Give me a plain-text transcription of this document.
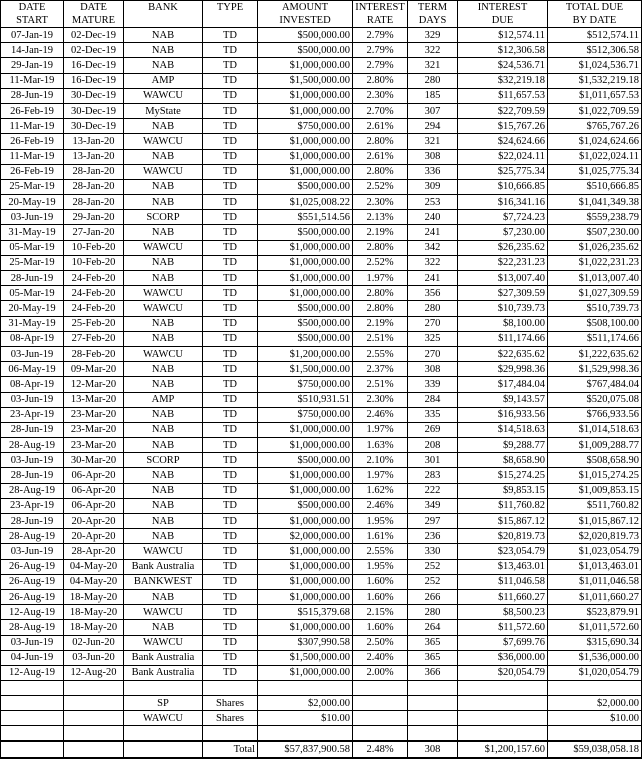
DATE	DATE	BANK	TYPE	AMOUNT	INTEREST	TERM	INTEREST	TOTAL DUE
START	MATURE			INVESTED	RATE	DAYS	DUE	BY DATE
07-Jan-19	02-Dec-19	NAB	TD	$500,000.00	2.79%	329	$12,574.11	$512,574.11
14-Jan-19	02-Dec-19	NAB	TD	$500,000.00	2.79%	322	$12,306.58	$512,306.58
29-Jan-19	16-Dec-19	NAB	TD	$1,000,000.00	2.79%	321	$24,536.71	$1,024,536.71
11-Mar-19	16-Dec-19	AMP	TD	$1,500,000.00	2.80%	280	$32,219.18	$1,532,219.18
28-Jun-19	30-Dec-19	WAWCU	TD	$1,000,000.00	2.30%	185	$11,657.53	$1,011,657.53
26-Feb-19	30-Dec-19	MyState	TD	$1,000,000.00	2.70%	307	$22,709.59	$1,022,709.59
11-Mar-19	30-Dec-19	NAB	TD	$750,000.00	2.61%	294	$15,767.26	$765,767.26
26-Feb-19	13-Jan-20	WAWCU	TD	$1,000,000.00	2.80%	321	$24,624.66	$1,024,624.66
11-Mar-19	13-Jan-20	NAB	TD	$1,000,000.00	2.61%	308	$22,024.11	$1,022,024.11
26-Feb-19	28-Jan-20	WAWCU	TD	$1,000,000.00	2.80%	336	$25,775.34	$1,025,775.34
25-Mar-19	28-Jan-20	NAB	TD	$500,000.00	2.52%	309	$10,666.85	$510,666.85
20-May-19	28-Jan-20	NAB	TD	$1,025,008.22	2.30%	253	$16,341.16	$1,041,349.38
03-Jun-19	29-Jan-20	SCORP	TD	$551,514.56	2.13%	240	$7,724.23	$559,238.79
31-May-19	27-Jan-20	NAB	TD	$500,000.00	2.19%	241	$7,230.00	$507,230.00
05-Mar-19	10-Feb-20	WAWCU	TD	$1,000,000.00	2.80%	342	$26,235.62	$1,026,235.62
25-Mar-19	10-Feb-20	NAB	TD	$1,000,000.00	2.52%	322	$22,231.23	$1,022,231.23
28-Jun-19	24-Feb-20	NAB	TD	$1,000,000.00	1.97%	241	$13,007.40	$1,013,007.40
05-Mar-19	24-Feb-20	WAWCU	TD	$1,000,000.00	2.80%	356	$27,309.59	$1,027,309.59
20-May-19	24-Feb-20	WAWCU	TD	$500,000.00	2.80%	280	$10,739.73	$510,739.73
31-May-19	25-Feb-20	NAB	TD	$500,000.00	2.19%	270	$8,100.00	$508,100.00
08-Apr-19	27-Feb-20	NAB	TD	$500,000.00	2.51%	325	$11,174.66	$511,174.66
03-Jun-19	28-Feb-20	WAWCU	TD	$1,200,000.00	2.55%	270	$22,635.62	$1,222,635.62
06-May-19	09-Mar-20	NAB	TD	$1,500,000.00	2.37%	308	$29,998.36	$1,529,998.36
08-Apr-19	12-Mar-20	NAB	TD	$750,000.00	2.51%	339	$17,484.04	$767,484.04
03-Jun-19	13-Mar-20	AMP	TD	$510,931.51	2.30%	284	$9,143.57	$520,075.08
23-Apr-19	23-Mar-20	NAB	TD	$750,000.00	2.46%	335	$16,933.56	$766,933.56
28-Jun-19	23-Mar-20	NAB	TD	$1,000,000.00	1.97%	269	$14,518.63	$1,014,518.63
28-Aug-19	23-Mar-20	NAB	TD	$1,000,000.00	1.63%	208	$9,288.77	$1,009,288.77
03-Jun-19	30-Mar-20	SCORP	TD	$500,000.00	2.10%	301	$8,658.90	$508,658.90
28-Jun-19	06-Apr-20	NAB	TD	$1,000,000.00	1.97%	283	$15,274.25	$1,015,274.25
28-Aug-19	06-Apr-20	NAB	TD	$1,000,000.00	1.62%	222	$9,853.15	$1,009,853.15
23-Apr-19	06-Apr-20	NAB	TD	$500,000.00	2.46%	349	$11,760.82	$511,760.82
28-Jun-19	20-Apr-20	NAB	TD	$1,000,000.00	1.95%	297	$15,867.12	$1,015,867.12
28-Aug-19	20-Apr-20	NAB	TD	$2,000,000.00	1.61%	236	$20,819.73	$2,020,819.73
03-Jun-19	28-Apr-20	WAWCU	TD	$1,000,000.00	2.55%	330	$23,054.79	$1,023,054.79
26-Aug-19	04-May-20	Bank Australia	TD	$1,000,000.00	1.95%	252	$13,463.01	$1,013,463.01
26-Aug-19	04-May-20	BANKWEST	TD	$1,000,000.00	1.60%	252	$11,046.58	$1,011,046.58
26-Aug-19	18-May-20	NAB	TD	$1,000,000.00	1.60%	266	$11,660.27	$1,011,660.27
12-Aug-19	18-May-20	WAWCU	TD	$515,379.68	2.15%	280	$8,500.23	$523,879.91
28-Aug-19	18-May-20	NAB	TD	$1,000,000.00	1.60%	264	$11,572.60	$1,011,572.60
03-Jun-19	02-Jun-20	WAWCU	TD	$307,990.58	2.50%	365	$7,699.76	$315,690.34
04-Jun-19	03-Jun-20	Bank Australia	TD	$1,500,000.00	2.40%	365	$36,000.00	$1,536,000.00
12-Aug-19	12-Aug-20	Bank Australia	TD	$1,000,000.00	2.00%	366	$20,054.79	$1,020,054.79

		SP	Shares	$2,000.00				$2,000.00
		WAWCU	Shares	$10.00				$10.00

			Total	$57,837,900.58	2.48%	308	$1,200,157.60	$59,038,058.18
